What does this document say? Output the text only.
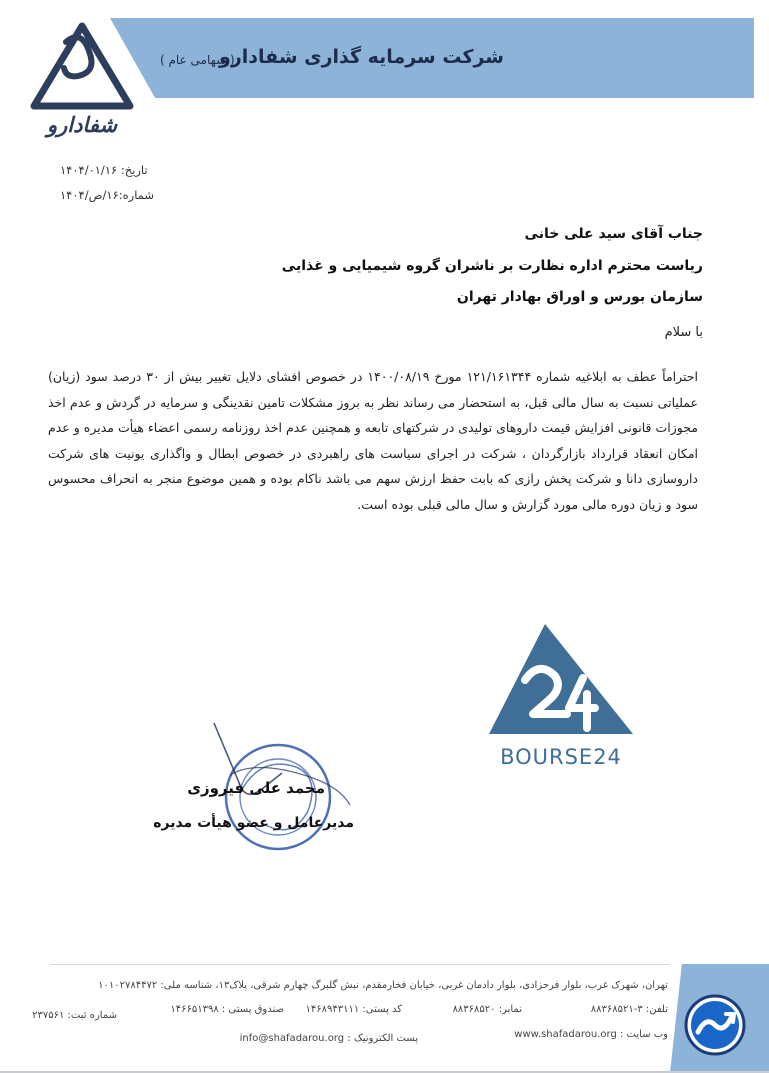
شرکت سرمایه گذاری شفادارو
( سهامی عام )
شفادارو
تاریخ: ۱۴۰۴/۰۱/۱۶
شماره:۱۶/ص/۱۴۰۴
جناب آقای سید علی خانی
ریاست محترم اداره نظارت بر ناشران گروه شیمیایی و غذایی
سازمان بورس و اوراق بهادار تهران
با سلام
احتراماً عطف به ابلاغیه شماره ۱۲۱/۱۶۱۳۴۴ مورخ ۱۴۰۰/۰۸/۱۹ در خصوص افشای دلایل تغییر بیش از ۳۰ درصد سود (زیان) عملیاتی نسبت به سال مالی قبل، به استحضار می رساند نظر به بروز مشکلات تامین نقدینگی و سرمایه در گردش و عدم اخذ مجوزات قانونی افزایش قیمت داروهای تولیدی در شرکتهای تابعه و همچنین عدم اخذ روزنامه رسمی اعضاء هیأت مدیره و عدم امکان انعقاد قرارداد بازارگردان ، شرکت در اجرای سیاست های راهبردی در خصوص ابطال و واگذاری یونیت های شرکت داروسازی دانا و شرکت پخش رازی که بابت حفظ ارزش سهم می باشد ناکام بوده و همین موضوع منجر به انحراف محسوس سود و زیان دوره مالی مورد گزارش و سال مالی قبلی بوده است.
BOURSE24
محمد علی فیروزی
مدیرعامل و عضو هیأت مدیره
تهران، شهرک غرب، بلوار فرحزادی، بلوار دادمان غربی، خیابان فخارمقدم، نبش گلبرگ چهارم شرقی، پلاک۱۳، شناسه ملی: ۱۰۱۰۲۷۸۴۴۷۲
تلفن: ۳-۸۸۳۶۸۵۲۱
نمابر: ۸۸۳۶۸۵۲۰
کد پستی: ۱۴۶۸۹۴۳۱۱۱
صندوق پستی : ۱۴۶۶۵۱۳۹۸
شماره ثبت: ۲۳۷۵۶۱
وب سایت : www.shafadarou.org
پست الکترونیک : info@shafadarou.org
